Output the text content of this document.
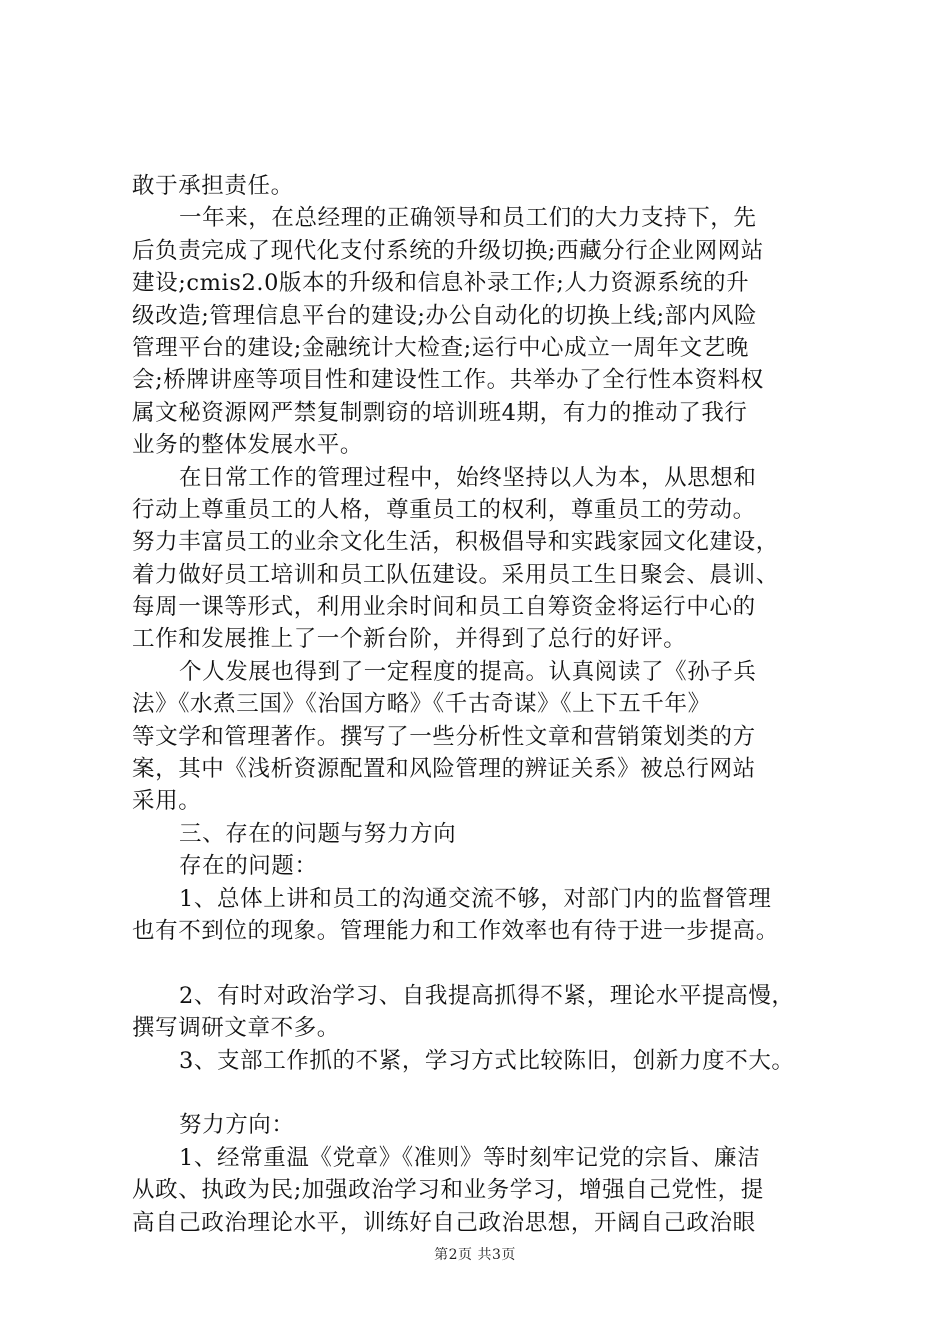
敢于承担责任。
一年来，在总经理的正确领导和员工们的大力支持下，先
后负责完成了现代化支付系统的升级切换;西藏分行企业网网站
建设;cmis2.0版本的升级和信息补录工作;人力资源系统的升
级改造;管理信息平台的建设;办公自动化的切换上线;部内风险
管理平台的建设;金融统计大检查;运行中心成立一周年文艺晚
会;桥牌讲座等项目性和建设性工作。共举办了全行性本资料权
属文秘资源网严禁复制剽窃的培训班4期，有力的推动了我行
业务的整体发展水平。
在日常工作的管理过程中，始终坚持以人为本，从思想和
行动上尊重员工的人格，尊重员工的权利，尊重员工的劳动。
努力丰富员工的业余文化生活，积极倡导和实践家园文化建设，
着力做好员工培训和员工队伍建设。采用员工生日聚会、晨训、
每周一课等形式，利用业余时间和员工自筹资金将运行中心的
工作和发展推上了一个新台阶，并得到了总行的好评。
个人发展也得到了一定程度的提高。认真阅读了《孙子兵
法》《水煮三国》《治国方略》《千古奇谋》《上下五千年》
等文学和管理著作。撰写了一些分析性文章和营销策划类的方
案，其中《浅析资源配置和风险管理的辨证关系》被总行网站
采用。
三、存在的问题与努力方向
存在的问题：
1、总体上讲和员工的沟通交流不够，对部门内的监督管理
也有不到位的现象。管理能力和工作效率也有待于进一步提高。
2、有时对政治学习、自我提高抓得不紧，理论水平提高慢，
撰写调研文章不多。
3、支部工作抓的不紧，学习方式比较陈旧，创新力度不大。
努力方向：
1、经常重温《党章》《准则》等时刻牢记党的宗旨、廉洁
从政、执政为民;加强政治学习和业务学习，增强自己党性，提
高自己政治理论水平，训练好自己政治思想，开阔自己政治眼
第2页 共3页
